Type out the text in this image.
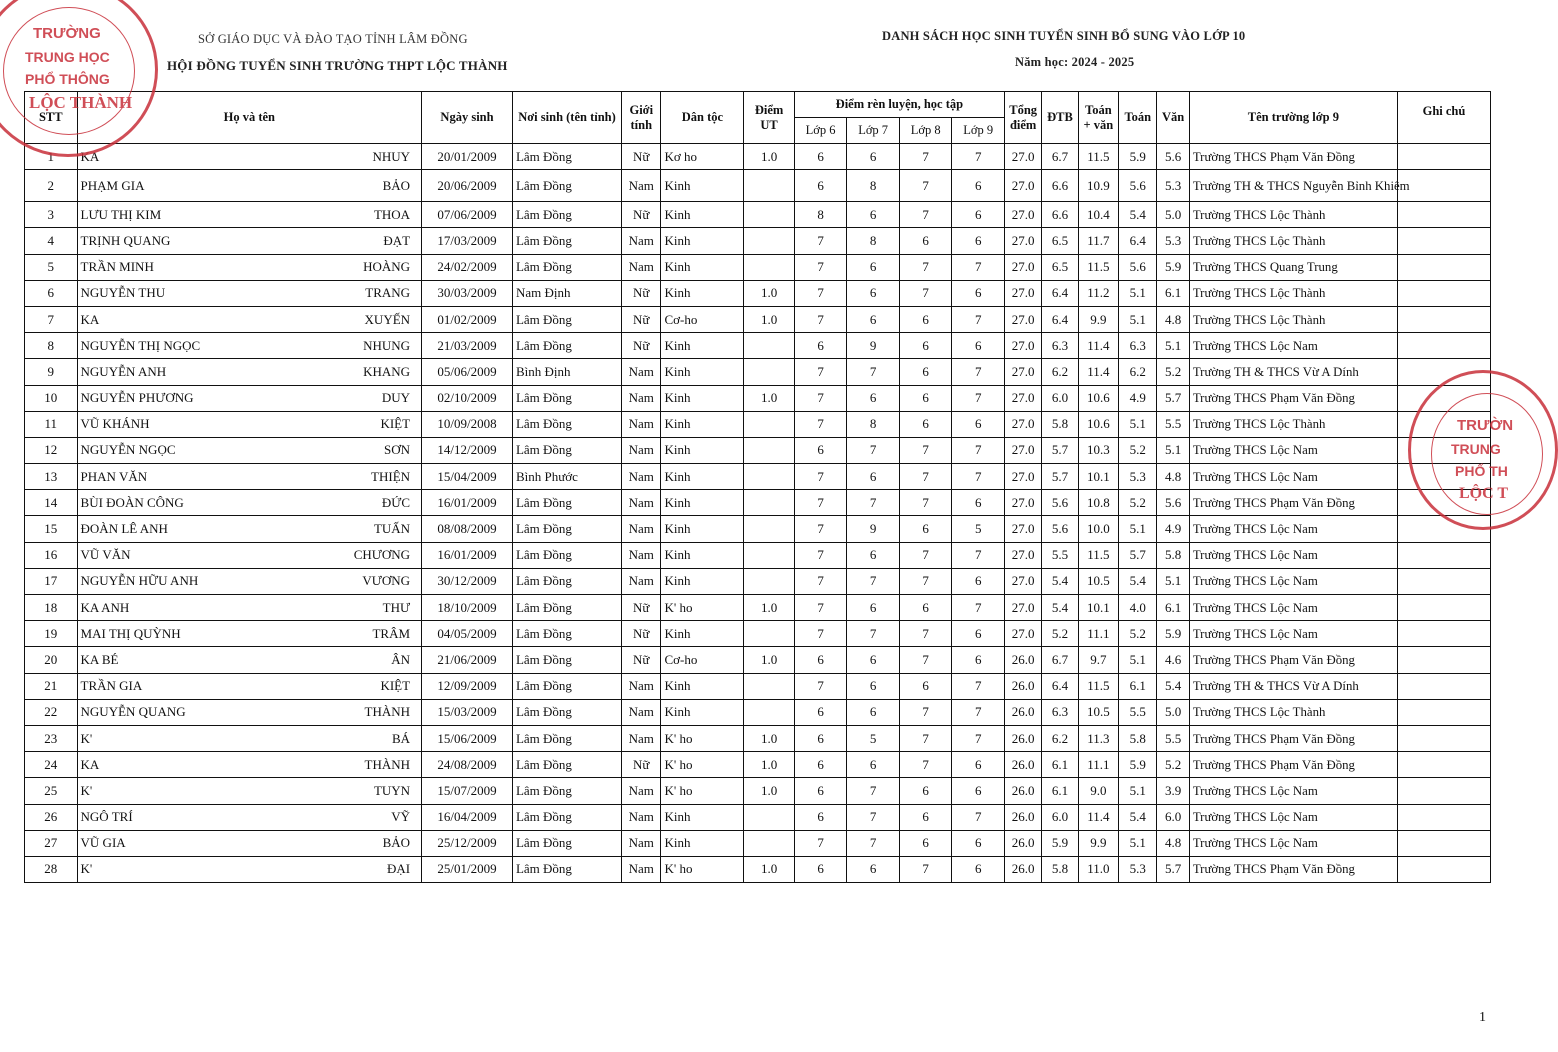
SỞ GIÁO DỤC VÀ ĐÀO TẠO TỈNH LÂM ĐỒNG
HỘI ĐỒNG TUYỂN SINH TRƯỜNG THPT LỘC THÀNH
DANH SÁCH HỌC SINH TUYỂN SINH BỔ SUNG VÀO LỚP 10
Năm học: 2024 - 2025
STT	Họ và tên	Ngày sinh	Nơi sinh (tên tỉnh)	Giới tính	Dân tộc	Điểm UT	Điểm rèn luyện, học tập				Tổng điểm	ĐTB	Toán + văn	Toán	Văn	Tên trường lớp 9	Ghi chú
							Lớp 6	Lớp 7	Lớp 8	Lớp 9							
1	KA NHUY	20/01/2009	Lâm Đồng	Nữ	Kơ ho	1.0	6	6	7	7	27.0	6.7	11.5	5.9	5.6	Trường THCS Phạm Văn Đồng	
2	PHẠM GIA BẢO	20/06/2009	Lâm Đồng	Nam	Kinh		6	8	7	6	27.0	6.6	10.9	5.6	5.3	Trường TH & THCS Nguyễn Bỉnh Khiêm	
3	LƯU THỊ KIM THOA	07/06/2009	Lâm Đồng	Nữ	Kinh		8	6	7	6	27.0	6.6	10.4	5.4	5.0	Trường THCS Lộc Thành	
4	TRỊNH QUANG ĐẠT	17/03/2009	Lâm Đồng	Nam	Kinh		7	8	6	6	27.0	6.5	11.7	6.4	5.3	Trường THCS Lộc Thành	
5	TRẦN MINH HOÀNG	24/02/2009	Lâm Đồng	Nam	Kinh		7	6	7	7	27.0	6.5	11.5	5.6	5.9	Trường THCS Quang Trung	
6	NGUYỄN THU TRANG	30/03/2009	Nam Định	Nữ	Kinh	1.0	7	6	7	6	27.0	6.4	11.2	5.1	6.1	Trường THCS Lộc Thành	
7	KA XUYẾN	01/02/2009	Lâm Đồng	Nữ	Cơ-ho	1.0	7	6	6	7	27.0	6.4	9.9	5.1	4.8	Trường THCS Lộc Thành	
8	NGUYỄN THỊ NGỌC NHUNG	21/03/2009	Lâm Đồng	Nữ	Kinh		6	9	6	6	27.0	6.3	11.4	6.3	5.1	Trường THCS Lộc Nam	
9	NGUYỄN ANH KHANG	05/06/2009	Bình Định	Nam	Kinh		7	7	6	7	27.0	6.2	11.4	6.2	5.2	Trường TH & THCS Vừ A Dính	
10	NGUYỄN PHƯƠNG DUY	02/10/2009	Lâm Đồng	Nam	Kinh	1.0	7	6	6	7	27.0	6.0	10.6	4.9	5.7	Trường THCS Phạm Văn Đồng	
11	VŨ KHÁNH KIỆT	10/09/2008	Lâm Đồng	Nam	Kinh		7	8	6	6	27.0	5.8	10.6	5.1	5.5	Trường THCS Lộc Thành	
12	NGUYỄN NGỌC SƠN	14/12/2009	Lâm Đồng	Nam	Kinh		6	7	7	7	27.0	5.7	10.3	5.2	5.1	Trường THCS Lộc Nam	
13	PHAN VĂN THIỆN	15/04/2009	Bình Phước	Nam	Kinh		7	6	7	7	27.0	5.7	10.1	5.3	4.8	Trường THCS Lộc Nam	
14	BÙI ĐOÀN CÔNG ĐỨC	16/01/2009	Lâm Đồng	Nam	Kinh		7	7	7	6	27.0	5.6	10.8	5.2	5.6	Trường THCS Phạm Văn Đồng	
15	ĐOÀN LÊ ANH TUẤN	08/08/2009	Lâm Đồng	Nam	Kinh		7	9	6	5	27.0	5.6	10.0	5.1	4.9	Trường THCS Lộc Nam	
16	VŨ VĂN CHƯƠNG	16/01/2009	Lâm Đồng	Nam	Kinh		7	6	7	7	27.0	5.5	11.5	5.7	5.8	Trường THCS Lộc Nam	
17	NGUYỄN HỮU ANH VƯƠNG	30/12/2009	Lâm Đồng	Nam	Kinh		7	7	7	6	27.0	5.4	10.5	5.4	5.1	Trường THCS Lộc Nam	
18	KA ANH THƯ	18/10/2009	Lâm Đồng	Nữ	K' ho	1.0	7	6	6	7	27.0	5.4	10.1	4.0	6.1	Trường THCS Lộc Nam	
19	MAI THỊ QUỲNH TRÂM	04/05/2009	Lâm Đồng	Nữ	Kinh		7	7	7	6	27.0	5.2	11.1	5.2	5.9	Trường THCS Lộc Nam	
20	KA BÉ ÂN	21/06/2009	Lâm Đồng	Nữ	Cơ-ho	1.0	6	6	7	6	26.0	6.7	9.7	5.1	4.6	Trường THCS Phạm Văn Đồng	
21	TRẦN GIA KIỆT	12/09/2009	Lâm Đồng	Nam	Kinh		7	6	6	7	26.0	6.4	11.5	6.1	5.4	Trường TH & THCS Vừ A Dính	
22	NGUYỄN QUANG THÀNH	15/03/2009	Lâm Đồng	Nam	Kinh		6	6	7	7	26.0	6.3	10.5	5.5	5.0	Trường THCS Lộc Thành	
23	K' BÁ	15/06/2009	Lâm Đồng	Nam	K' ho	1.0	6	5	7	7	26.0	6.2	11.3	5.8	5.5	Trường THCS Phạm Văn Đồng	
24	KA THÀNH	24/08/2009	Lâm Đồng	Nữ	K' ho	1.0	6	6	7	6	26.0	6.1	11.1	5.9	5.2	Trường THCS Phạm Văn Đồng	
25	K' TUYN	15/07/2009	Lâm Đồng	Nam	K' ho	1.0	6	7	6	6	26.0	6.1	9.0	5.1	3.9	Trường THCS Lộc Nam	
26	NGÔ TRÍ VỸ	16/04/2009	Lâm Đồng	Nam	Kinh		6	7	6	7	26.0	6.0	11.4	5.4	6.0	Trường THCS Lộc Nam	
27	VŨ GIA BẢO	25/12/2009	Lâm Đồng	Nam	Kinh		7	7	6	6	26.0	5.9	9.9	5.1	4.8	Trường THCS Lộc Nam	
28	K' ĐẠI	25/01/2009	Lâm Đồng	Nam	K' ho	1.0	6	6	7	6	26.0	5.8	11.0	5.3	5.7	Trường THCS Phạm Văn Đồng	
TRƯỜNG
TRUNG HỌC
PHỔ THÔNG
LỘC THÀNH
TRƯỜN
TRUNG
PHỔ TH
LỘC T
1
